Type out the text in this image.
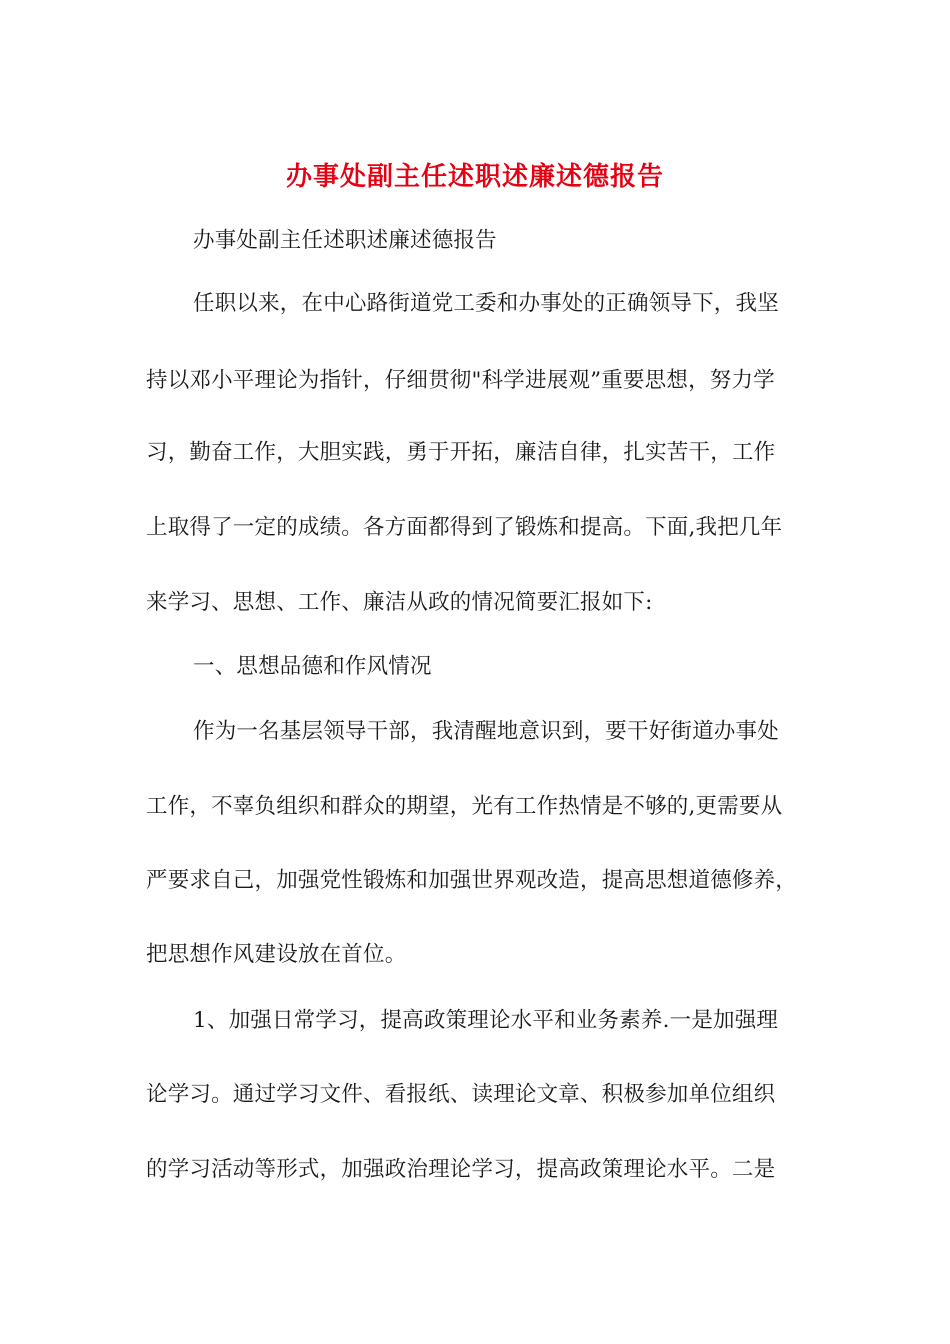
办事处副主任述职述廉述德报告

办事处副主任述职述廉述德报告

任职以来，在中心路街道党工委和办事处的正确领导下，我坚

持以邓小平理论为指针，仔细贯彻"科学进展观”重要思想，努力学

习，勤奋工作，大胆实践，勇于开拓，廉洁自律，扎实苦干，工作

上取得了一定的成绩。各方面都得到了锻炼和提高。下面,我把几年

来学习、思想、工作、廉洁从政的情况简要汇报如下:

一、思想品德和作风情况

作为一名基层领导干部，我清醒地意识到，要干好街道办事处

工作，不辜负组织和群众的期望，光有工作热情是不够的,更需要从

严要求自己，加强党性锻炼和加强世界观改造，提高思想道德修养，

把思想作风建设放在首位。

1、加强日常学习，提高政策理论水平和业务素养.一是加强理

论学习。通过学习文件、看报纸、读理论文章、积极参加单位组织

的学习活动等形式，加强政治理论学习，提高政策理论水平。二是
